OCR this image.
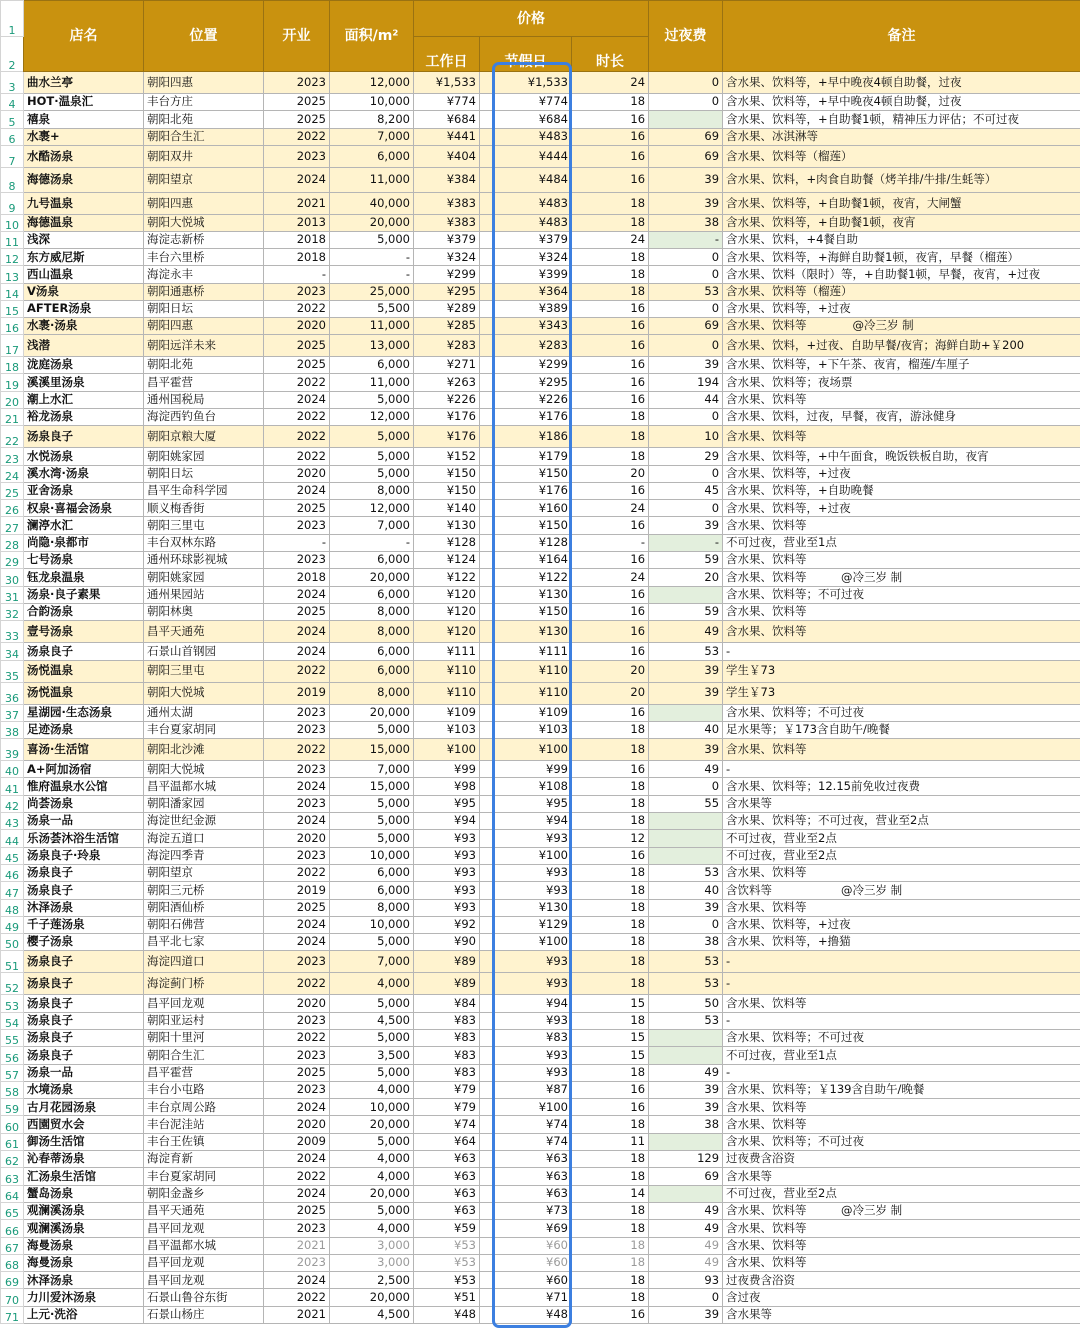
1	店名	位置	开业	面积/m²	价格			过夜费	备注
2					工作日	节假日	时长		
3	曲水兰亭	朝阳四惠	2023	12,000	¥1,533	¥1,533	24	0	含水果、饮料等，+早中晚夜4顿自助餐，过夜
4	HOT·温泉汇	丰台方庄	2025	10,000	¥774	¥774	18	0	含水果、饮料等，+早中晚夜4顿自助餐，过夜
5	禧泉	朝阳北苑	2025	8,200	¥684	¥684	16		含水果、饮料等，+自助餐1顿，精神压力评估；不可过夜
6	水裹+	朝阳合生汇	2022	7,000	¥441	¥483	16	69	含水果、冰淇淋等
7	水酷汤泉	朝阳双井	2023	6,000	¥404	¥444	16	69	含水果、饮料等（榴莲）
8	海德汤泉	朝阳望京	2024	11,000	¥384	¥484	16	39	含水果、饮料，+肉食自助餐（烤羊排/牛排/生蚝等）
9	九号温泉	朝阳四惠	2021	40,000	¥383	¥483	18	39	含水果、饮料等，+自助餐1顿，夜宵，大闸蟹
10	海德温泉	朝阳大悦城	2013	20,000	¥383	¥483	18	38	含水果、饮料等，+自助餐1顿，夜宵
11	浅深	海淀志新桥	2018	5,000	¥379	¥379	24	-	含水果、饮料，+4餐自助
12	东方威尼斯	丰台六里桥	2018	-	¥324	¥324	18	0	含水果、饮料等，+海鲜自助餐1顿，夜宵，早餐（榴莲）
13	西山温泉	海淀永丰	-	-	¥299	¥399	18	0	含水果、饮料（限时）等，+自助餐1顿，早餐，夜宵，+过夜
14	V汤泉	朝阳通惠桥	2023	25,000	¥295	¥364	18	53	含水果、饮料等（榴莲）
15	AFTER汤泉	朝阳日坛	2022	5,500	¥289	¥389	16	0	含水果、饮料等，+过夜
16	水裹·汤泉	朝阳四惠	2020	11,000	¥285	¥343	16	69	含水果、饮料等　　　　@冷三岁 制
17	浅潜	朝阳远洋未来	2025	13,000	¥283	¥283	16	0	含水果、饮料，+过夜、自助早餐/夜宵；海鲜自助+￥200
18	泷庭汤泉	朝阳北苑	2025	6,000	¥271	¥299	16	39	含水果、饮料等，+下午茶、夜宵，榴莲/车厘子
19	溪溪里汤泉	昌平霍营	2022	11,000	¥263	¥295	16	194	含水果、饮料等；夜场票
20	潮上水汇	通州国税局	2024	5,000	¥226	¥226	16	44	含水果、饮料等
21	裕龙汤泉	海淀西钓鱼台	2022	12,000	¥176	¥176	18	0	含水果、饮料，过夜，早餐，夜宵，游泳健身
22	汤泉良子	朝阳京粮大厦	2022	5,000	¥176	¥186	18	10	含水果、饮料等
23	水悦汤泉	朝阳姚家园	2022	5,000	¥152	¥179	18	29	含水果、饮料等，+中午面食，晚饭铁板自助，夜宵
24	溪水湾·汤泉	朝阳日坛	2020	5,000	¥150	¥150	20	0	含水果、饮料等，+过夜
25	亚舍汤泉	昌平生命科学园	2024	8,000	¥150	¥176	16	45	含水果、饮料等，+自助晚餐
26	权泉·喜福会汤泉	顺义梅香街	2025	12,000	¥140	¥160	24	0	含水果、饮料等，+过夜
27	澜渟水汇	朝阳三里屯	2023	7,000	¥130	¥150	16	39	含水果、饮料等
28	尚隐·泉都市	丰台双林东路	-	-	¥128	¥128	-	-	不可过夜，营业至1点
29	七号汤泉	通州环球影视城	2023	6,000	¥124	¥164	16	59	含水果、饮料等
30	钰龙泉温泉	朝阳姚家园	2018	20,000	¥122	¥122	24	20	含水果、饮料等　　　@冷三岁 制
31	汤泉·良子素果	通州果园站	2024	6,000	¥120	¥130	16		含水果、饮料等；不可过夜
32	合韵汤泉	朝阳林奥	2025	8,000	¥120	¥150	16	59	含水果、饮料等
33	壹号汤泉	昌平天通苑	2024	8,000	¥120	¥130	16	49	含水果、饮料等
34	汤泉良子	石景山首钢园	2024	6,000	¥111	¥111	16	53	-
35	汤悦温泉	朝阳三里屯	2022	6,000	¥110	¥110	20	39	学生￥73
36	汤悦温泉	朝阳大悦城	2019	8,000	¥110	¥110	20	39	学生￥73
37	星湖园·生态汤泉	通州太湖	2023	20,000	¥109	¥109	16		含水果、饮料等；不可过夜
38	足迹汤泉	丰台夏家胡同	2023	5,000	¥103	¥103	18	40	足水果等；￥173含自助午/晚餐
39	喜汤·生活馆	朝阳北沙滩	2022	15,000	¥100	¥100	18	39	含水果、饮料等
40	A+阿加汤宿	朝阳大悦城	2023	7,000	¥99	¥99	16	49	-
41	惟府温泉水公馆	昌平温都水城	2024	15,000	¥98	¥108	18	0	含水果、饮料等；12.15前免收过夜费
42	尚荟汤泉	朝阳潘家园	2023	5,000	¥95	¥95	18	55	含水果等
43	汤泉一品	海淀世纪金源	2024	5,000	¥94	¥94	18		含水果、饮料等；不可过夜，营业至2点
44	乐汤荟沐浴生活馆	海淀五道口	2020	5,000	¥93	¥93	12		不可过夜，营业至2点
45	汤泉良子·玲泉	海淀四季青	2023	10,000	¥93	¥100	16		不可过夜，营业至2点
46	汤泉良子	朝阳望京	2022	6,000	¥93	¥93	18	53	含水果、饮料等
47	汤泉良子	朝阳三元桥	2019	6,000	¥93	¥93	18	40	含饮料等　　　　　　@冷三岁 制
48	沐泽汤泉	朝阳酒仙桥	2025	8,000	¥93	¥130	18	39	含水果、饮料等
49	千子莲汤泉	朝阳石佛营	2024	10,000	¥92	¥129	18	0	含水果、饮料等，+过夜
50	樱子汤泉	昌平北七家	2024	5,000	¥90	¥100	18	38	含水果、饮料等，+撸猫
51	汤泉良子	海淀四道口	2023	7,000	¥89	¥93	18	53	-
52	汤泉良子	海淀蓟门桥	2022	4,000	¥89	¥93	18	53	-
53	汤泉良子	昌平回龙观	2020	5,000	¥84	¥94	15	50	含水果、饮料等
54	汤泉良子	朝阳亚运村	2023	4,500	¥83	¥93	18	53	-
55	汤泉良子	朝阳十里河	2022	5,000	¥83	¥83	15		含水果、饮料等；不可过夜
56	汤泉良子	朝阳合生汇	2023	3,500	¥83	¥93	15		不可过夜，营业至1点
57	汤泉一品	昌平霍营	2025	5,000	¥83	¥93	18	49	-
58	水境汤泉	丰台小屯路	2023	4,000	¥79	¥87	16	39	含水果、饮料等；￥139含自助午/晚餐
59	古月花园汤泉	丰台京周公路	2024	10,000	¥79	¥100	16	39	含水果、饮料等
60	西園贸水会	丰台泥洼站	2020	20,000	¥74	¥74	18	38	含水果、饮料等
61	御汤生活馆	丰台王佐镇	2009	5,000	¥64	¥74	11		含水果、饮料等；不可过夜
62	沁春蒂汤泉	海淀育新	2024	4,000	¥63	¥63	18	129	过夜费含浴资
63	汇汤泉生活馆	丰台夏家胡同	2022	4,000	¥63	¥63	18	69	含水果等
64	蟹岛汤泉	朝阳金盏乡	2024	20,000	¥63	¥63	14		不可过夜，营业至2点
65	观澜溪汤泉	昌平天通苑	2025	5,000	¥63	¥73	18	49	含水果、饮料等　　　@冷三岁 制
66	观澜溪汤泉	昌平回龙观	2023	4,000	¥59	¥69	18	49	含水果、饮料等
67	海曼汤泉	昌平温都水城	2021	3,000	¥53	¥60	18	49	含水果、饮料等
68	海曼汤泉	昌平回龙观	2023	3,000	¥53	¥60	18	49	含水果、饮料等
69	沐泽汤泉	昌平回龙观	2024	2,500	¥53	¥60	18	93	过夜费含浴资
70	力川爱沐汤泉	石景山鲁谷东街	2022	20,000	¥51	¥71	18	0	含过夜
71	上元·洗浴	石景山杨庄	2021	4,500	¥48	¥48	16	39	含水果等
